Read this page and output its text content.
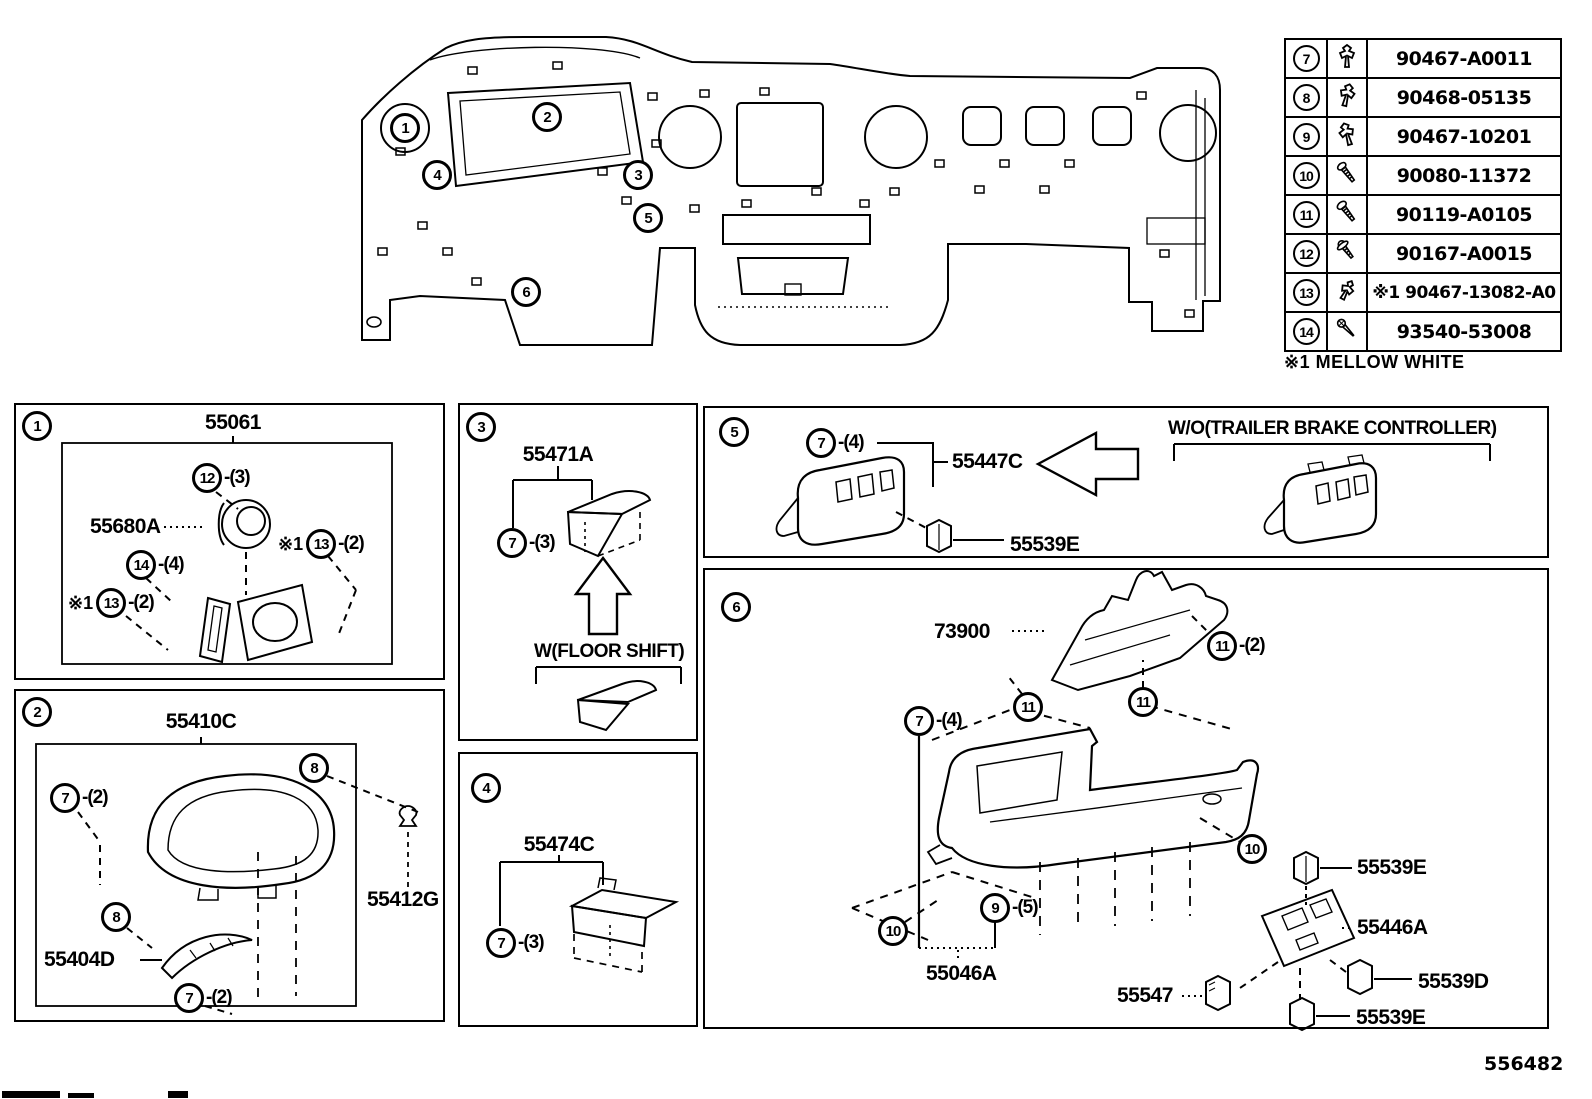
1
2
3
4
5
6
7		90467-A0011

8		90468-05135

9		90467-10201

10		90080-11372

11		90119-A0105

12		90167-A0015

13		※1 90467-13082-A0

14		93540-53008
※1 MELLOW WHITE
1	55061
12 -(3)
55680A
※1 13 -(2)
14 -(4)
※1 13 -(2)
2	55410C
7 -(2)
8
8
55404D
7 -(2)
55412G
3
55471A
7 -(3)
W(FLOOR SHIFT)
4
55474C
7 -(3)
5
7 -(4)
55447C
55539E
W/O(TRAILER BRAKE CONTROLLER)
6
73900
11 -(2)
11	11
7 -(4)
10
9 -(5)
10
55046A
55547
55539E
55446A
55539D
55539E
556482
